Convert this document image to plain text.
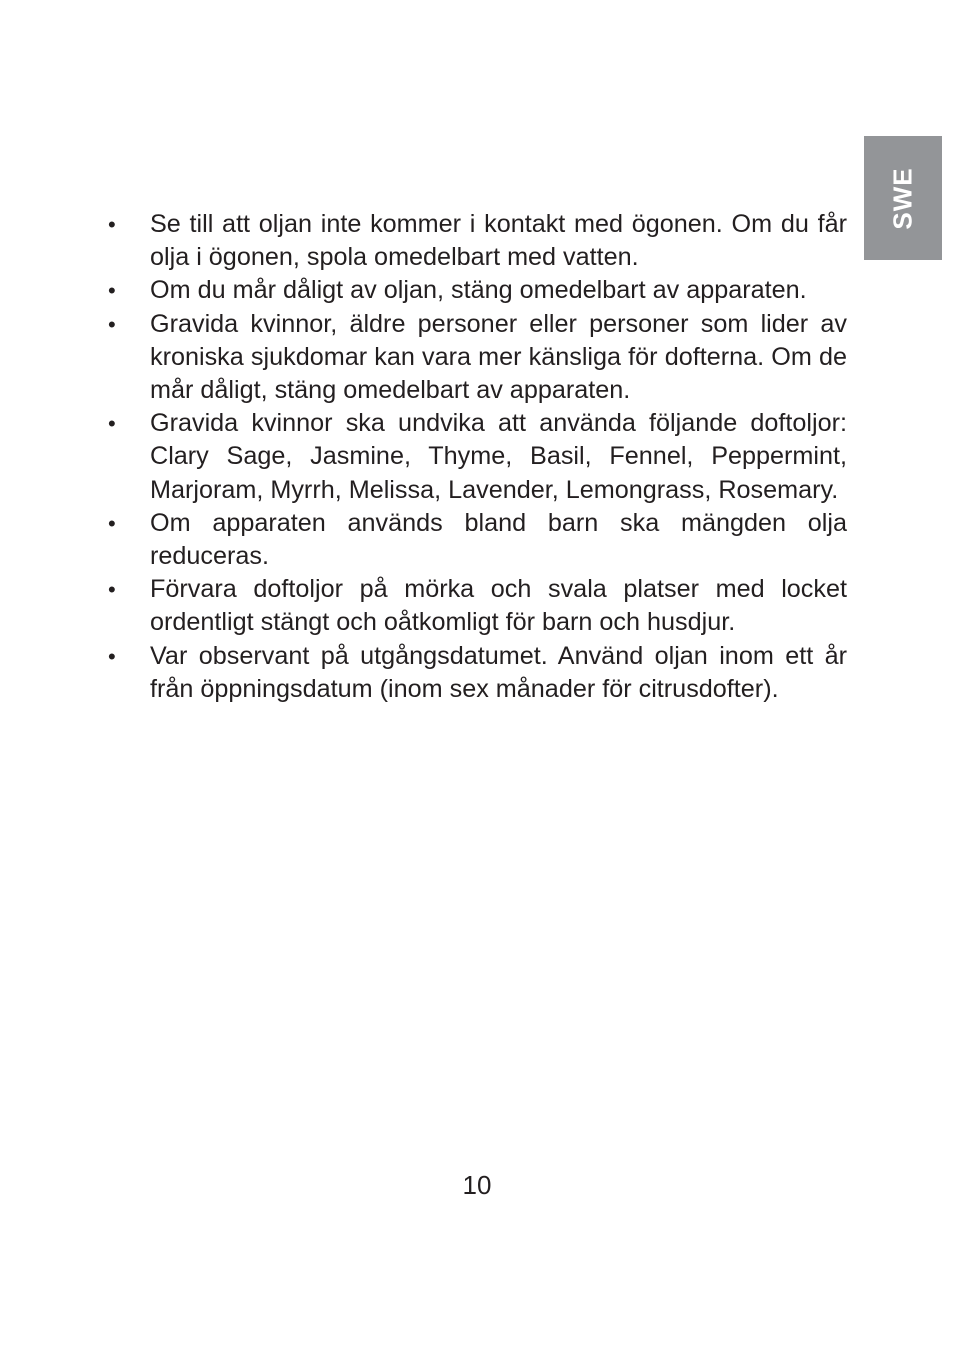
SWE
•	Se till att oljan inte kommer i kontakt med ögonen. Om du får olja i ögonen, spola omedelbart med vatten.
•	Om du mår dåligt av oljan, stäng omedelbart av apparaten.
•	Gravida kvinnor, äldre personer eller personer som lider av kroniska sjukdomar kan vara mer känsliga för dofterna. Om de mår dåligt, stäng omedelbart av apparaten.
•	Gravida kvinnor ska undvika att använda följande doftoljor: Clary Sage, Jasmine, Thyme, Basil, Fennel, Peppermint, Marjoram, Myrrh, Melissa, Lavender, Lemongrass, Rosemary.
•	Om apparaten används bland barn ska mängden olja reduceras.
•	Förvara doftoljor på mörka och svala platser med locket ordentligt stängt och oåtkomligt för barn och husdjur.
•	Var observant på utgångsdatumet. Använd oljan inom ett år från öppningsdatum (inom sex månader för citrusdofter).
10
